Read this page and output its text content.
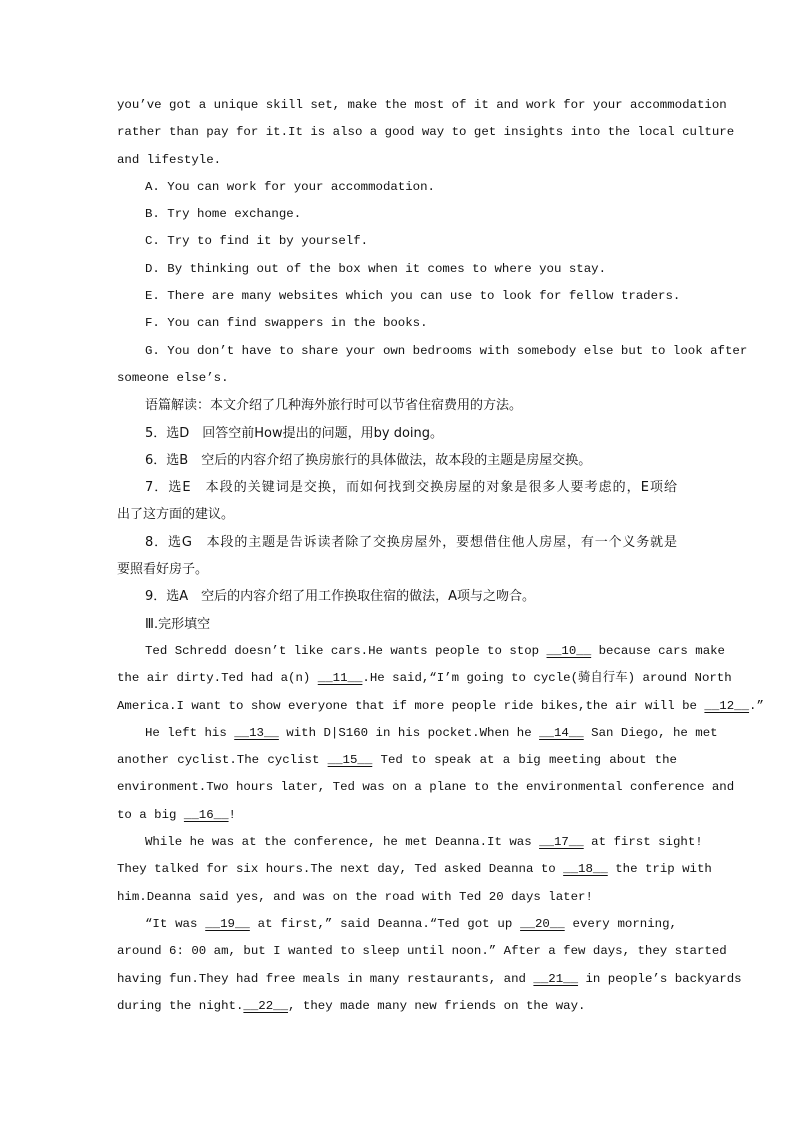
you’ve got a unique skill set, make the most of it and work for your accommodation
rather than pay for it.It is also a good way to get insights into the local culture
and lifestyle.
A. You can work for your accommodation.
B. Try home exchange.
C. Try to find it by yourself.
D. By thinking out of the box when it comes to where you stay.
E. There are many websites which you can use to look for fellow traders.
F. You can find swappers in the books.
G. You don’t have to share your own bedrooms with somebody else but to look after
someone else’s.
语篇解读：本文介绍了几种海外旅行时可以节省住宿费用的方法。
5．选D　回答空前How提出的问题，用by doing。
6．选B　空后的内容介绍了换房旅行的具体做法，故本段的主题是房屋交换。
7．选E　本段的关键词是交换，而如何找到交换房屋的对象是很多人要考虑的，E项给
出了这方面的建议。
8．选G　本段的主题是告诉读者除了交换房屋外，要想借住他人房屋，有一个义务就是
要照看好房子。
9．选A　空后的内容介绍了用工作换取住宿的做法，A项与之吻合。
Ⅲ.完形填空
Ted Schredd doesn’t like cars.He wants people to stop __10__ because cars make
the air dirty.Ted had a(n) __11__.He said,“I’m going to cycle(骑自行车) around North
America.I want to show everyone that if more people ride bikes,the air will be __12__.”
He left his __13__ with D|S160 in his pocket.When he __14__ San Diego, he met
another cyclist.The cyclist __15__ Ted to speak at a big meeting about the
environment.Two hours later, Ted was on a plane to the environmental conference and
to a big __16__!
While he was at the conference, he met Deanna.It was __17__ at first sight!
They talked for six hours.The next day, Ted asked Deanna to __18__ the trip with
him.Deanna said yes, and was on the road with Ted 20 days later!
“It was __19__ at first,” said Deanna.“Ted got up __20__ every morning,
around 6: 00 am, but I wanted to sleep until noon.” After a few days, they started
having fun.They had free meals in many restaurants, and __21__ in people’s backyards
during the night.__22__, they made many new friends on the way.
